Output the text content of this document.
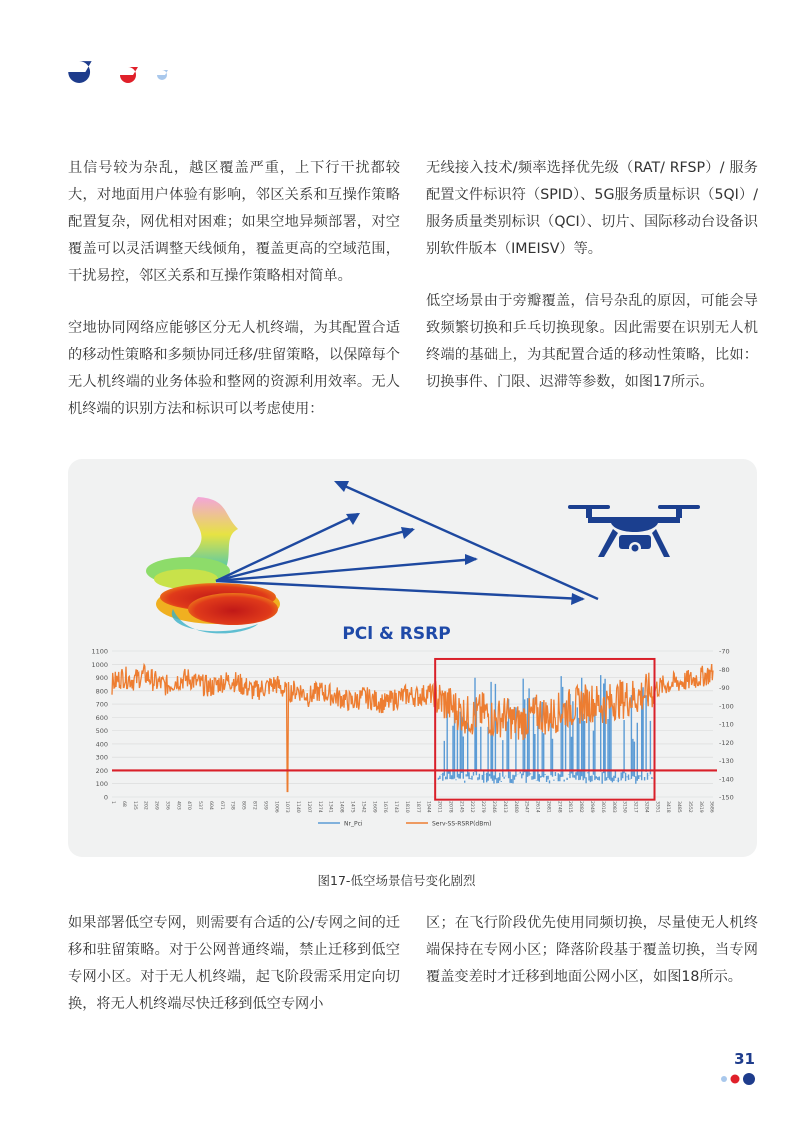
且信号较为杂乱，越区覆盖严重，上下行干扰都较大，对地面用户体验有影响，邻区关系和互操作策略配置复杂，网优相对困难；如果空地异频部署，对空覆盖可以灵活调整天线倾角，覆盖更高的空域范围，干扰易控，邻区关系和互操作策略相对简单。

空地协同网络应能够区分无人机终端，为其配置合适的移动性策略和多频协同迁移/驻留策略，以保障每个无人机终端的业务体验和整网的资源利用效率。无人机终端的识别方法和标识可以考虑使用：

无线接入技术/频率选择优先级（RAT/ RFSP）/ 服务配置文件标识符（SPID）、5G服务质量标识（5QI）/ 服务质量类别标识（QCI）、切片、国际移动台设备识别软件版本（IMEISV）等。

低空场景由于旁瓣覆盖，信号杂乱的原因，可能会导致频繁切换和乒乓切换现象。因此需要在识别无人机终端的基础上，为其配置合适的移动性策略，比如：切换事件、门限、迟滞等参数，如图17所示。

PCl & RSRP
1100
1000
900
800
700
600
500
400
300
200
100
0
-70
-80
-90
-100
-110
-120
-130
-140
-150
1 68 135 202 269 336 403 470 537 604 671 738 805 872 939 1006 1073 1140 1207 1274 1341 1408 1475 1542 1609 1676 1743 1810 1877 1944 2011 2078 2145 2212 2279 2346 2413 2480 2547 2614 2681 2748 2815 2882 2949 3016 3083 3150 3217 3284 3351 3418 3485 3552 3619 3686
Nr_Pci	Serv-SS-RSRP(dBm)
图17-低空场景信号变化剧烈

如果部署低空专网，则需要有合适的公/专网之间的迁移和驻留策略。对于公网普通终端，禁止迁移到低空专网小区。对于无人机终端，起飞阶段需采用定向切换，将无人机终端尽快迁移到低空专网小

区；在飞行阶段优先使用同频切换，尽量使无人机终端保持在专网小区；降落阶段基于覆盖切换，当专网覆盖变差时才迁移到地面公网小区，如图18所示。

31
